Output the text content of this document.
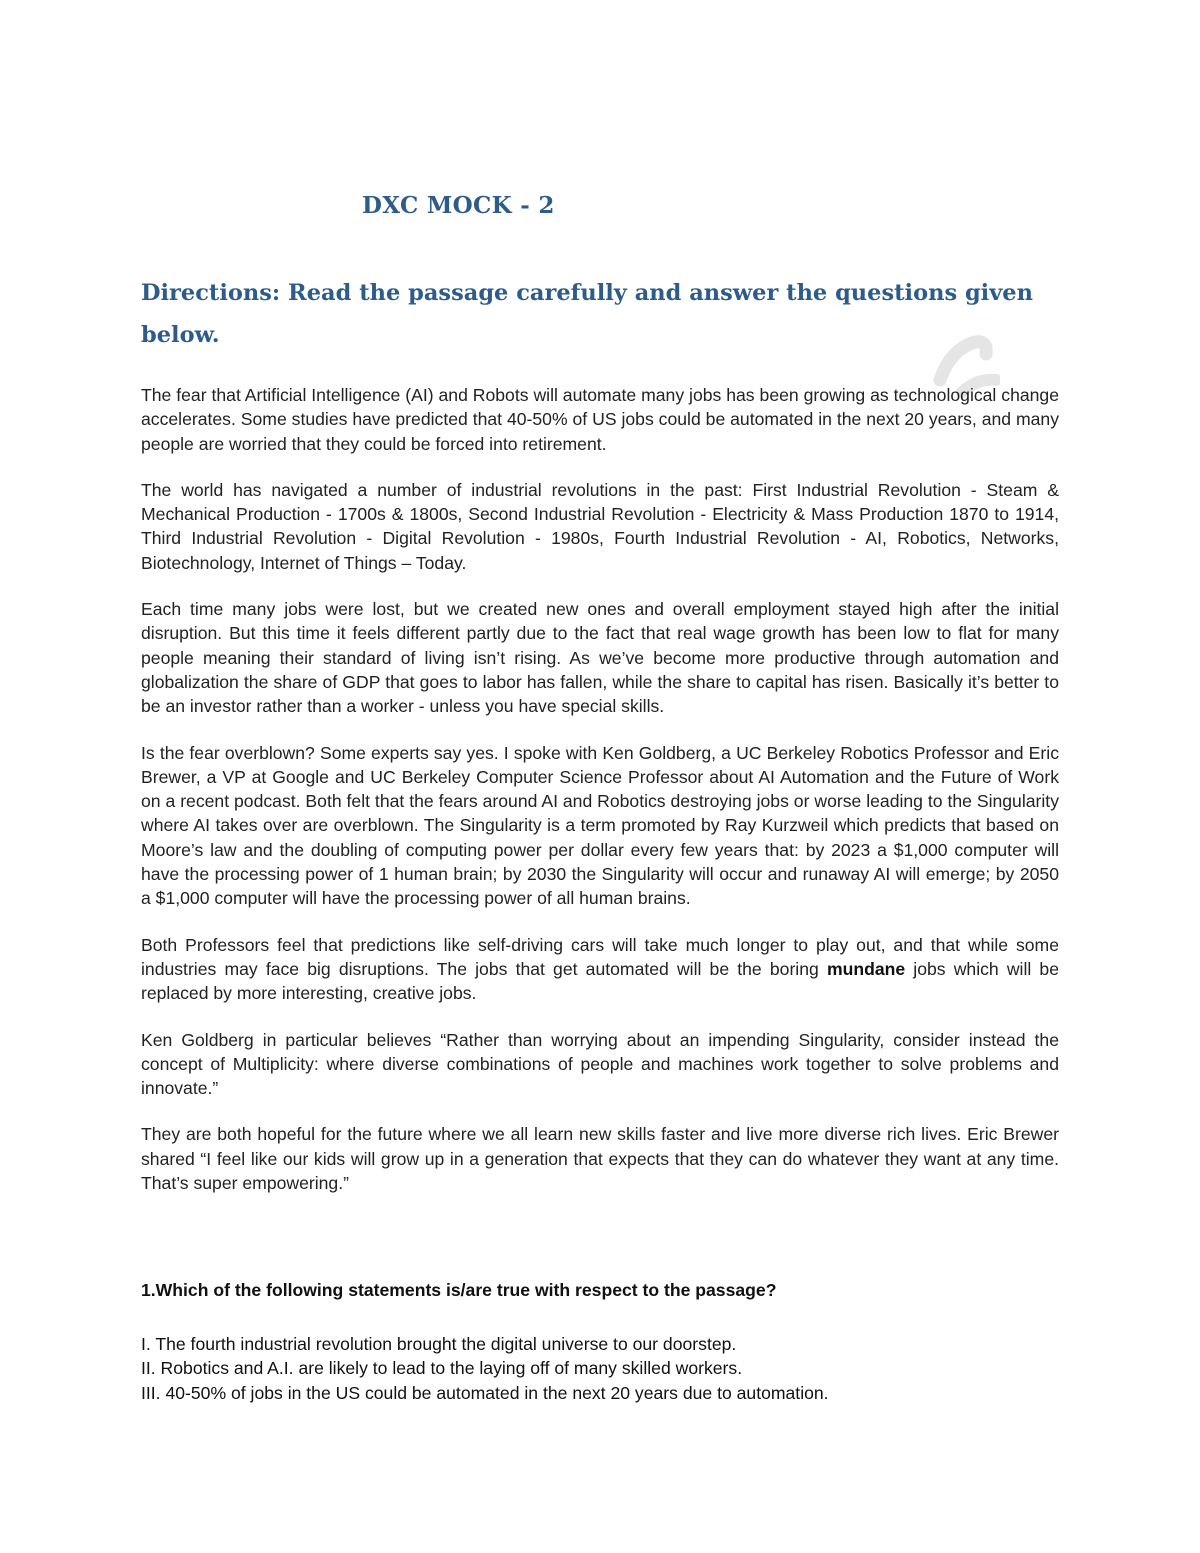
DXC MOCK - 2
Directions: Read the passage carefully and answer the questions given below.

The fear that Artificial Intelligence (AI) and Robots will automate many jobs has been growing as technological change accelerates. Some studies have predicted that 40-50% of US jobs could be automated in the next 20 years, and many people are worried that they could be forced into retirement.

The world has navigated a number of industrial revolutions in the past: First Industrial Revolution - Steam & Mechanical Production - 1700s & 1800s, Second Industrial Revolution - Electricity & Mass Production 1870 to 1914, Third Industrial Revolution - Digital Revolution - 1980s, Fourth Industrial Revolution - AI, Robotics, Networks, Biotechnology, Internet of Things – Today.

Each time many jobs were lost, but we created new ones and overall employment stayed high after the initial disruption. But this time it feels different partly due to the fact that real wage growth has been low to flat for many people meaning their standard of living isn’t rising. As we’ve become more productive through automation and globalization the share of GDP that goes to labor has fallen, while the share to capital has risen. Basically it’s better to be an investor rather than a worker - unless you have special skills.

Is the fear overblown? Some experts say yes. I spoke with Ken Goldberg, a UC Berkeley Robotics Professor and Eric Brewer, a VP at Google and UC Berkeley Computer Science Professor about AI Automation and the Future of Work on a recent podcast. Both felt that the fears around AI and Robotics destroying jobs or worse leading to the Singularity where AI takes over are overblown. The Singularity is a term promoted by Ray Kurzweil which predicts that based on Moore’s law and the doubling of computing power per dollar every few years that: by 2023 a $1,000 computer will have the processing power of 1 human brain; by 2030 the Singularity will occur and runaway AI will emerge; by 2050 a $1,000 computer will have the processing power of all human brains.

Both Professors feel that predictions like self-driving cars will take much longer to play out, and that while some industries may face big disruptions. The jobs that get automated will be the boring mundane jobs which will be replaced by more interesting, creative jobs.

Ken Goldberg in particular believes “Rather than worrying about an impending Singularity, consider instead the concept of Multiplicity: where diverse combinations of people and machines work together to solve problems and innovate.”

They are both hopeful for the future where we all learn new skills faster and live more diverse rich lives. Eric Brewer shared “I feel like our kids will grow up in a generation that expects that they can do whatever they want at any time. That’s super empowering.”

1.Which of the following statements is/are true with respect to the passage?
I. The fourth industrial revolution brought the digital universe to our doorstep.
II. Robotics and A.I. are likely to lead to the laying off of many skilled workers.
III. 40-50% of jobs in the US could be automated in the next 20 years due to automation.
